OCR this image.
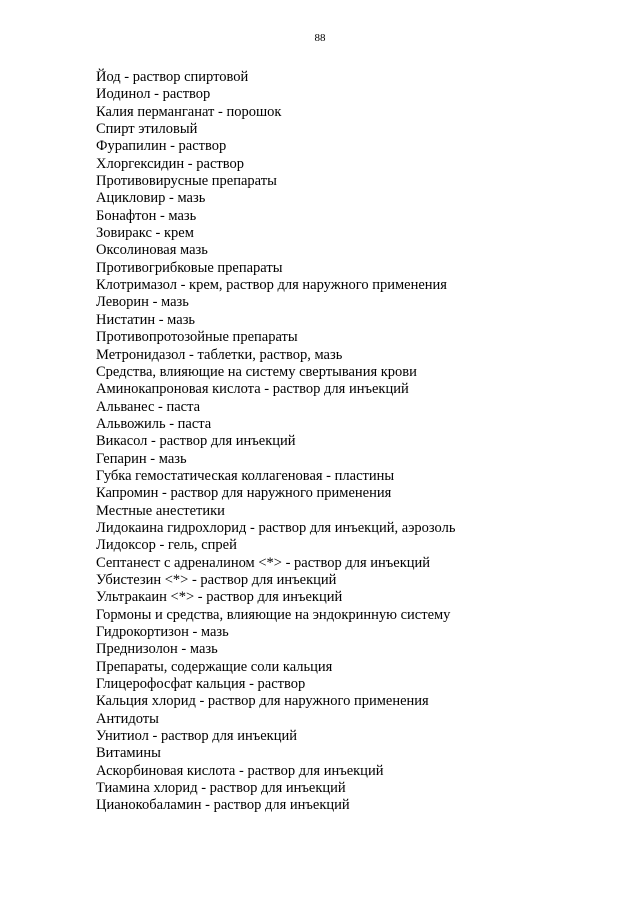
88
Йод - раствор спиртовой
Иодинол - раствор
Калия перманганат - порошок
Спирт этиловый
Фурапилин - раствор
Хлоргексидин - раствор
Противовирусные препараты
Ацикловир - мазь
Бонафтон - мазь
Зовиракс - крем
Оксолиновая мазь
Противогрибковые препараты
Клотримазол - крем, раствор для наружного применения
Леворин - мазь
Нистатин - мазь
Противопротозойные препараты
Метронидазол - таблетки, раствор, мазь
Средства, влияющие на систему свертывания крови
Аминокапроновая кислота - раствор для инъекций
Альванес - паста
Альвожиль - паста
Викасол - раствор для инъекций
Гепарин - мазь
Губка гемостатическая коллагеновая - пластины
Капромин - раствор для наружного применения
Местные анестетики
Лидокаина гидрохлорид - раствор для инъекций, аэрозоль
Лидоксор - гель, спрей
Септанест с адреналином <*> - раствор для инъекций
Убистезин <*> - раствор для инъекций
Ультракаин <*> - раствор для инъекций
Гормоны и средства, влияющие на эндокринную систему
Гидрокортизон - мазь
Преднизолон - мазь
Препараты, содержащие соли кальция
Глицерофосфат кальция - раствор
Кальция хлорид - раствор для наружного применения
Антидоты
Унитиол - раствор для инъекций
Витамины
Аскорбиновая кислота - раствор для инъекций
Тиамина хлорид - раствор для инъекций
Цианокобаламин - раствор для инъекций
